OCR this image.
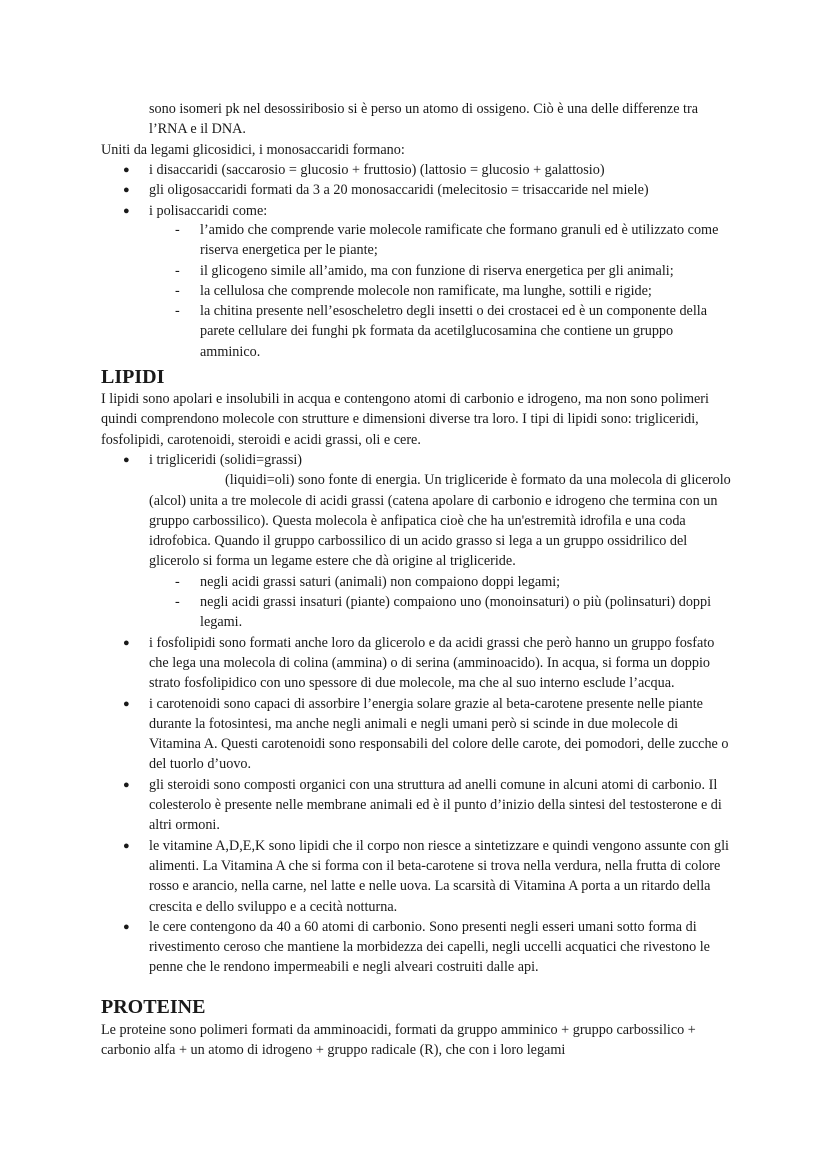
sono isomeri pk nel desossiribosio si è perso un atomo di ossigeno. Ciò è una delle differenze tra l’RNA e il DNA.

Uniti da legami glicosidici, i monosaccaridi formano:

● i disaccaridi (saccarosio = glucosio + fruttosio) (lattosio = glucosio + galattosio)
● gli oligosaccaridi formati da 3 a 20 monosaccaridi (melecitosio = trisaccaride nel miele)
● i polisaccaridi come:
- l’amido che comprende varie molecole ramificate che formano granuli ed è utilizzato come riserva energetica per le piante;
- il glicogeno simile all’amido, ma con funzione di riserva energetica per gli animali;
- la cellulosa che comprende molecole non ramificate, ma lunghe, sottili e rigide;
- la chitina presente nell’esoscheletro degli insetti o dei crostacei ed è un componente della parete cellulare dei funghi pk formata da acetilglucosamina che contiene un gruppo amminico.
LIPIDI

I lipidi sono apolari e insolubili in acqua e contengono atomi di carbonio e idrogeno, ma non sono polimeri quindi comprendono molecole con strutture e dimensioni diverse tra loro. I tipi di lipidi sono: trigliceridi, fosfolipidi, carotenoidi, steroidi e acidi grassi, oli e cere.

● i trigliceridi (solidi=grassi)
(liquidi=oli) sono fonte di energia. Un trigliceride è formato da una molecola di glicerolo (alcol) unita a tre molecole di acidi grassi (catena apolare di carbonio e idrogeno che termina con un gruppo carbossilico). Questa molecola è anfipatica cioè che ha un'estremità idrofila e una coda idrofobica. Quando il gruppo carbossilico di un acido grasso si lega a un gruppo ossidrilico del glicerolo si forma un legame estere che dà origine al trigliceride.
- negli acidi grassi saturi (animali) non compaiono doppi legami;
- negli acidi grassi insaturi (piante) compaiono uno (monoinsaturi) o più (polinsaturi) doppi legami.
● i fosfolipidi sono formati anche loro da glicerolo e da acidi grassi che però hanno un gruppo fosfato che lega una molecola di colina (ammina) o di serina (amminoacido). In acqua, si forma un doppio strato fosfolipidico con uno spessore di due molecole, ma che al suo interno esclude l’acqua.
● i carotenoidi sono capaci di assorbire l’energia solare grazie al beta-carotene presente nelle piante durante la fotosintesi, ma anche negli animali e negli umani però si scinde in due molecole di Vitamina A. Questi carotenoidi sono responsabili del colore delle carote, dei pomodori, delle zucche o del tuorlo d’uovo.
● gli steroidi sono composti organici con una struttura ad anelli comune in alcuni atomi di carbonio. Il colesterolo è presente nelle membrane animali ed è il punto d’inizio della sintesi del testosterone e di altri ormoni.
● le vitamine A,D,E,K sono lipidi che il corpo non riesce a sintetizzare e quindi vengono assunte con gli alimenti. La Vitamina A che si forma con il beta-carotene si trova nella verdura, nella frutta di colore rosso e arancio, nella carne, nel latte e nelle uova. La scarsità di Vitamina A porta a un ritardo della crescita e dello sviluppo e a cecità notturna.
● le cere contengono da 40 a 60 atomi di carbonio. Sono presenti negli esseri umani sotto forma di rivestimento ceroso che mantiene la morbidezza dei capelli, negli uccelli acquatici che rivestono le penne che le rendono impermeabili e negli alveari costruiti dalle api.
PROTEINE

Le proteine sono polimeri formati da amminoacidi, formati da gruppo amminico + gruppo carbossilico + carbonio alfa + un atomo di idrogeno + gruppo radicale (R), che con i loro legami
